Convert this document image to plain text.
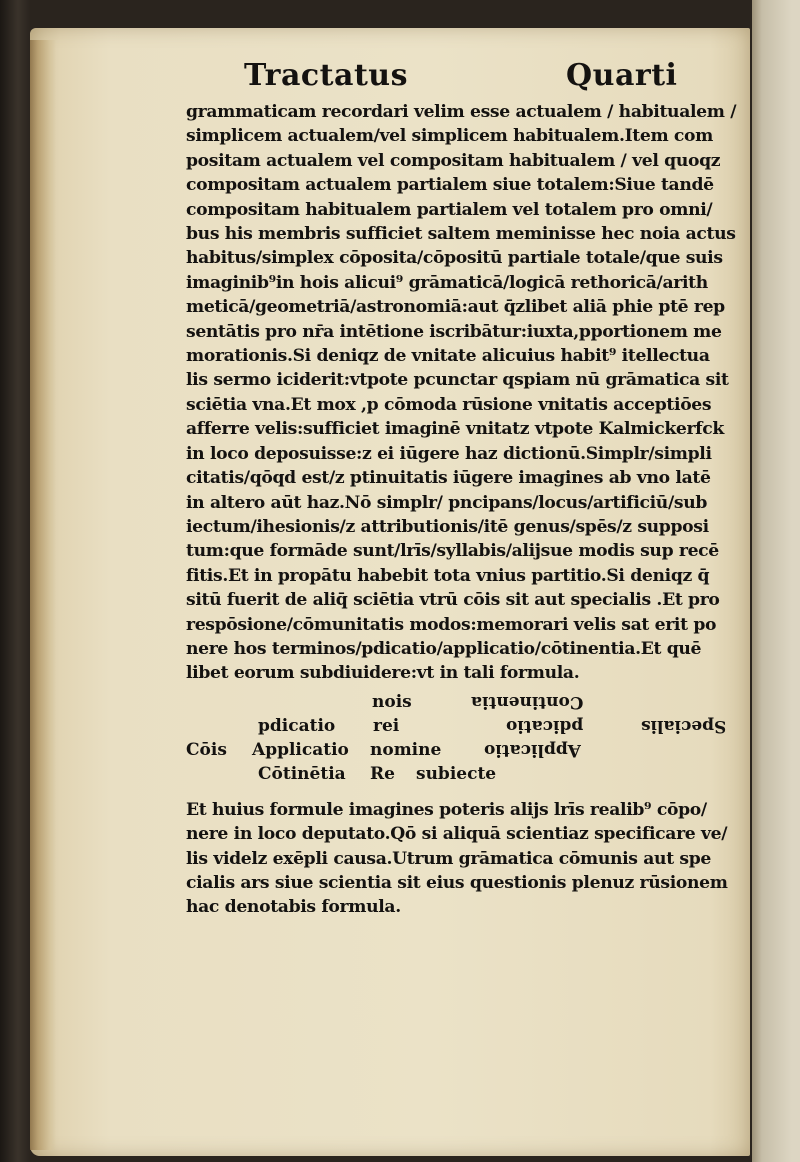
Tractatus	Quarti
grammaticam recordari velim esse actualem / habitualem /
simplicem actualem/vel simplicem habitualem.Item com
positam actualem vel compositam habitualem / vel quoqz
compositam actualem partialem siue totalem:Siue tandē
compositam habitualem partialem vel totalem pro omni/
bus his membris sufficiet saltem meminisse hec noia actus
habitus/simplex cōposita/cōpositū partiale totale/que suis
imaginib⁹in hois alicui⁹ grāmaticā/logicā rethoricā/arith
meticā/geometriā/astronomiā:aut q̄zlibet aliā phie ptē rep
sentātis pro nr̄a intētione iscribātur:iuxta,pportionem me
morationis.Si deniqz de vnitate alicuius habit⁹ itellectua
lis sermo iciderit:vtpote pcunctar qspiam nū grāmatica sit
sciētia vna.Et mox ,p cōmoda rūsione vnitatis acceptiōes
afferre velis:sufficiet imaginē vnitatz vtpote Kalmickerfck
in loco deposuisse:z ei iūgere haz dictionū.Simplr/simpli
citatis/qōqd est/z ptinuitatis iūgere imagines ab vno latē
in altero aūt haz.Nō simplr/ pncipans/locus/artificiū/sub
iectum/ihesionis/z attributionis/itē genus/spēs/z supposi
tum:que formāde sunt/lrīs/syllabis/alijsue modis sup recē
fitis.Et in propātu habebit tota vnius partitio.Si deniqz q̄
sitū fuerit de aliq̄ sciētia vtrū cōis sit aut specialis .Et pro
respōsione/cōmunitatis modos:memorari velis sat erit po
nere hos terminos/pdicatio/applicatio/cōtinentia.Et quē
libet eorum subdiuidere:vt in tali formula.
nois	Continentia
pdicatio rei	pdicatio	Specialis
Cōis Applicatio nomine	Applicatio
Cōtinētia Re subiecte
Et huius formule imagines poteris alijs lrīs realib⁹ cōpo/
nere in loco deputato.Qō si aliquā scientiaz specificare ve/
lis videlz exēpli causa.Utrum grāmatica cōmunis aut spe
cialis ars siue scientia sit eius questionis plenuz rūsionem
hac denotabis formula.
